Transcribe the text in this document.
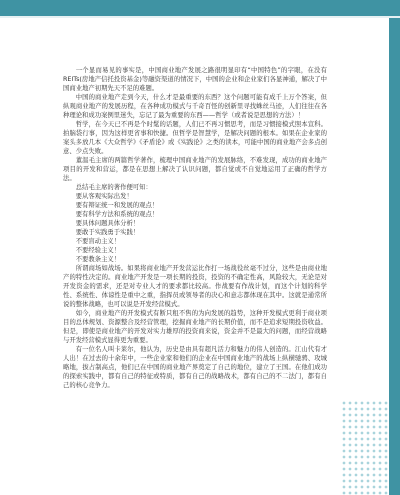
一个显而易见的事实是，中国商业地产发展之路很明显印有“中国特色”的字眼，在没有REITs(房地产信托投资基金)等融资渠道的情况下，中国的企业和企业家们各显神通，解决了中国商业地产初期先天不足的难题。

中国的商业地产走到今天，什么才是最重要的东西？这个问题可能有成千上万个答案，但纵观商业地产的发展历程，在各种成功模式与千奇百怪的创新里寻找蛛丝马迹，人们往往在各种理论和成功案例里迷失，忘记了最为重要的东西——哲学（或者说是思想的方法）！

哲学，在今天已不再是个时髦的话题，人们已不再习惯思考，而是习惯接模式照本宣科。拍脑袋行事，因为这样更省事和快捷。但哲学是智慧学，是解决问题的根本。如果在企业家的案头多放几本《大众哲学》《矛盾论》或《实践论》之类的读本，可能中国的商业地产会多点创意、少点失败。

董温毛主席的两篇哲学著作，梳理中国商业地产的发展脉络，不难发现，成功的商业地产项目的开发和营运，都是在思想上解决了认识问题，都自觉或不自觉地运用了正确的哲学方法。

总结毛主席的著作便可知：

要从客观实际出发！

要有辩证统一和发展的观点！

要有科学方法和系统的观点！

要具体问题具体分析！

要敢于实践勇于实践！

不要盲动主义！

不要经验主义！

不要教条主义！

所谓商场如战场。如果将商业地产开发营运比作打一场战役丝毫不过分，这些是由商业地产的特性决定的。商业地产开发是一项长期的投资，投资的不确定性高，风险较大，无论是对开发资金的需求，还是对专业人才的要求都比较高。作战要有作战计划，而这个计划的科学性、系统性、体谅性是重中之重，指挥员或领导者的决心和意志都体现在其中。这就是通常所说的整体战略，也可以说是开发经营模式。

如今，商业地产的开发模式有断只租不售的为向发展的趋势，这种开发模式更利于商业项目的总体规划、资源整合及经营管理，挖掘商业地产的长期价值，而不是追求短期投资收益。但是，即使是商业地产的开发对实力雄厚的投资商来说，资金并不是最大的问题，而经营战略与开发经营模式显得更为重要。

有一位名人叫卡莱尔，他认为，历史是由具有超凡活力和魅力的伟人创造的。江山代有才人出！在过去的十余年中，一些企业家和他们的企业在中国商业地产的战场上纵横驰骋、攻城略地，拔占制高点，他们已在中国的商业地产界奠定了自己的地位，建立了王国。在他们成功的探索实践中，都有自己的特征或特质，都有自己的战略战术，都有自己的不二法门，都有自己的核心竞争力。
